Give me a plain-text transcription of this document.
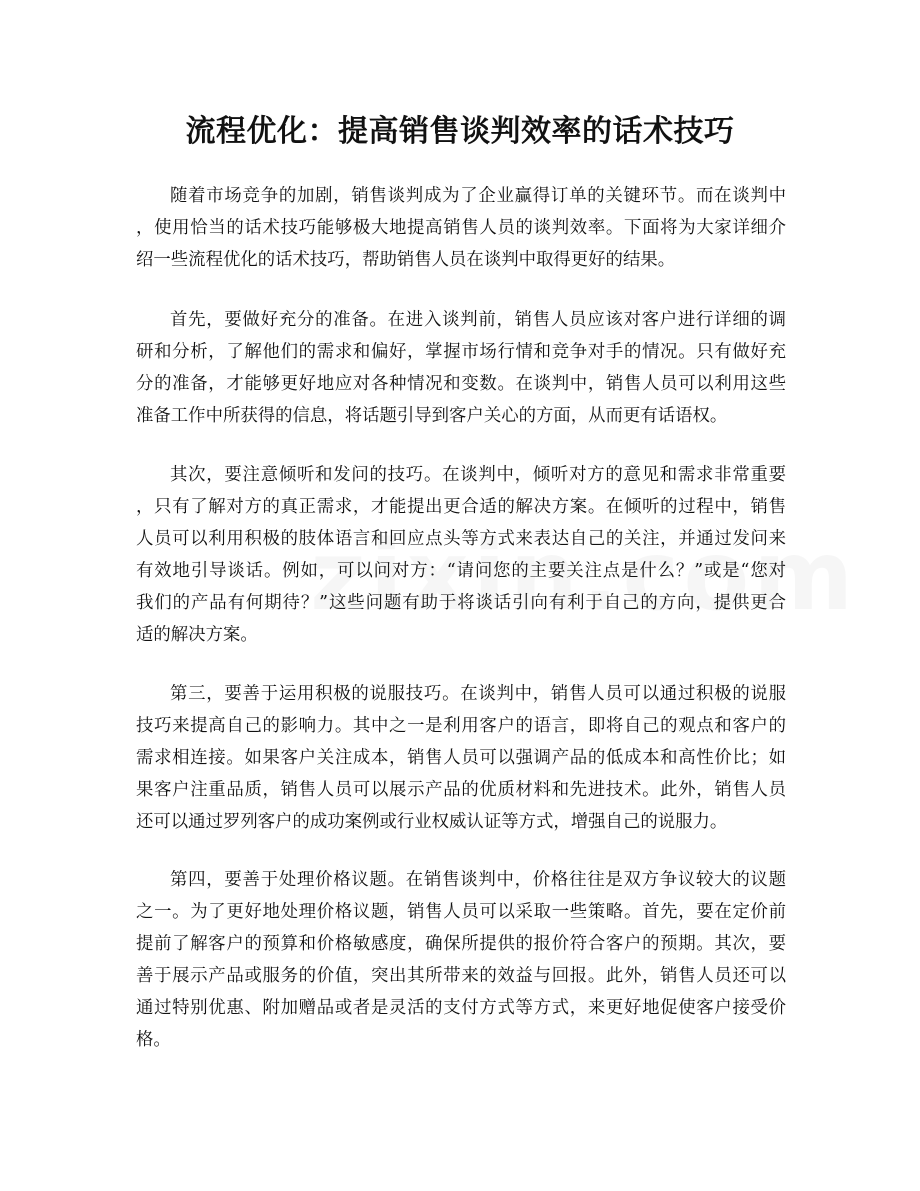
流程优化：提高销售谈判效率的话术技巧
随着市场竞争的加剧，销售谈判成为了企业赢得订单的关键环节。而在谈判中
，使用恰当的话术技巧能够极大地提高销售人员的谈判效率。下面将为大家详细介
绍一些流程优化的话术技巧，帮助销售人员在谈判中取得更好的结果。
首先，要做好充分的准备。在进入谈判前，销售人员应该对客户进行详细的调
研和分析，了解他们的需求和偏好，掌握市场行情和竞争对手的情况。只有做好充
分的准备，才能够更好地应对各种情况和变数。在谈判中，销售人员可以利用这些
准备工作中所获得的信息，将话题引导到客户关心的方面，从而更有话语权。
其次，要注意倾听和发问的技巧。在谈判中，倾听对方的意见和需求非常重要
，只有了解对方的真正需求，才能提出更合适的解决方案。在倾听的过程中，销售
人员可以利用积极的肢体语言和回应点头等方式来表达自己的关注，并通过发问来
有效地引导谈话。例如，可以问对方：“请问您的主要关注点是什么？”或是“您对
我们的产品有何期待？”这些问题有助于将谈话引向有利于自己的方向，提供更合
适的解决方案。
第三，要善于运用积极的说服技巧。在谈判中，销售人员可以通过积极的说服
技巧来提高自己的影响力。其中之一是利用客户的语言，即将自己的观点和客户的
需求相连接。如果客户关注成本，销售人员可以强调产品的低成本和高性价比；如
果客户注重品质，销售人员可以展示产品的优质材料和先进技术。此外，销售人员
还可以通过罗列客户的成功案例或行业权威认证等方式，增强自己的说服力。
第四，要善于处理价格议题。在销售谈判中，价格往往是双方争议较大的议题
之一。为了更好地处理价格议题，销售人员可以采取一些策略。首先，要在定价前
提前了解客户的预算和价格敏感度，确保所提供的报价符合客户的预期。其次，要
善于展示产品或服务的价值，突出其所带来的效益与回报。此外，销售人员还可以
通过特别优惠、附加赠品或者是灵活的支付方式等方式，来更好地促使客户接受价
格。
